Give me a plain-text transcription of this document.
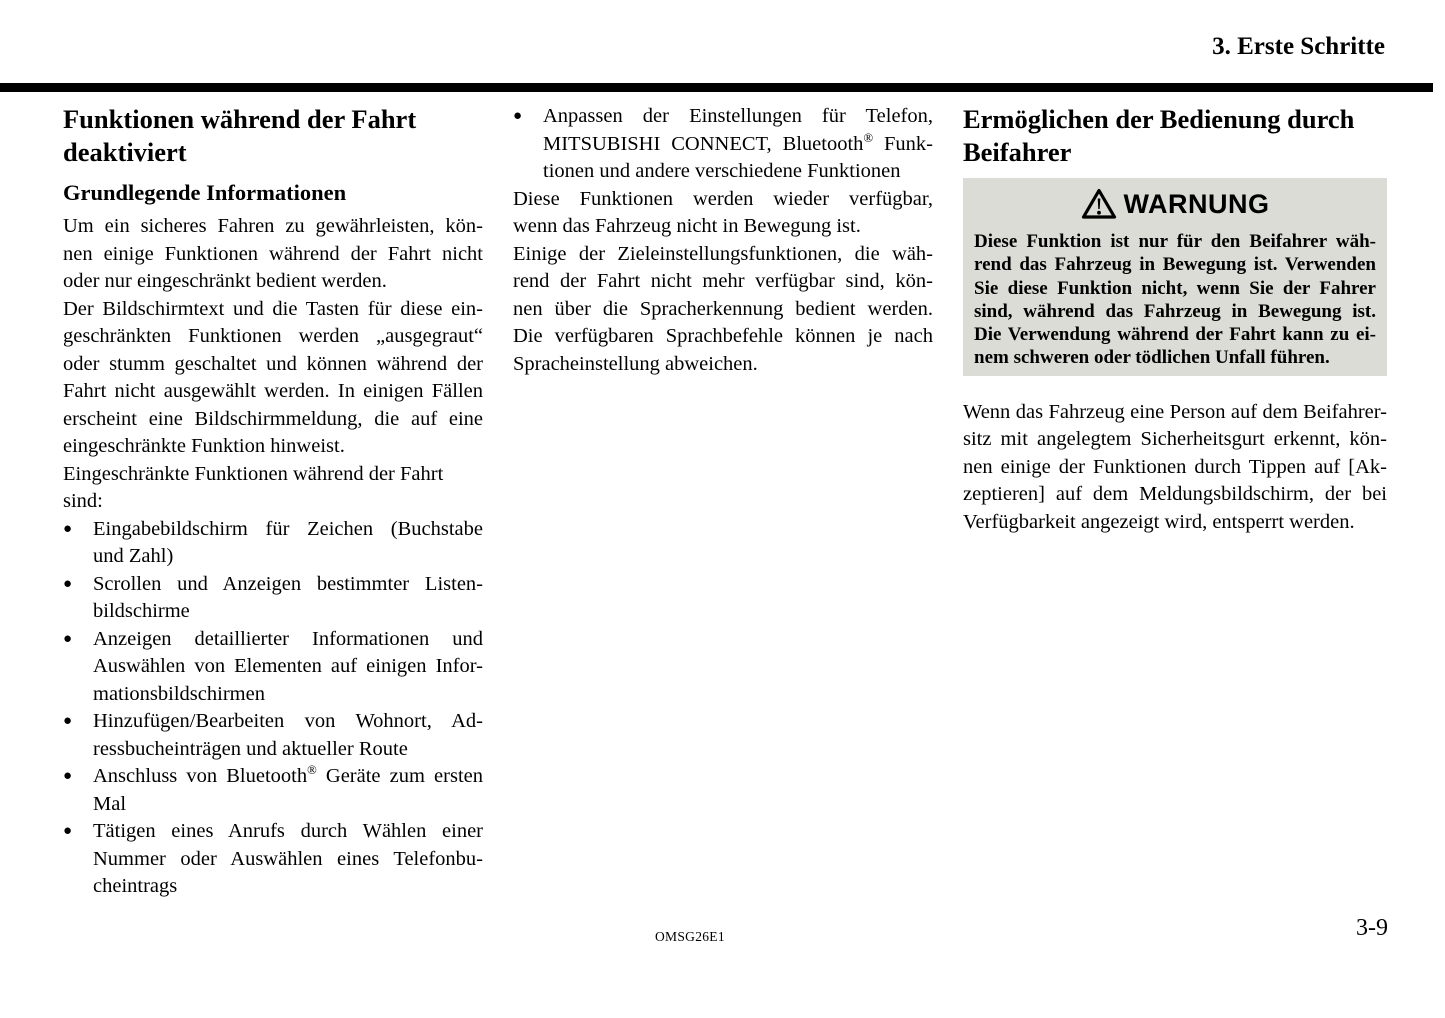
3. Erste Schritte
Funktionen während der Fahrt
deaktiviert
Grundlegende Informationen
Um ein sicheres Fahren zu gewährleisten, kön-
nen einige Funktionen während der Fahrt nicht
oder nur eingeschränkt bedient werden.
Der Bildschirmtext und die Tasten für diese ein-
geschränkten Funktionen werden „ausgegraut“
oder stumm geschaltet und können während der
Fahrt nicht ausgewählt werden. In einigen Fällen
erscheint eine Bildschirmmeldung, die auf eine
eingeschränkte Funktion hinweist.
Eingeschränkte Funktionen während der Fahrt sind:
●	Eingabebildschirm für Zeichen (Buchstabe
und Zahl)
●	Scrollen und Anzeigen bestimmter Listen-
bildschirme
●	Anzeigen detaillierter Informationen und
Auswählen von Elementen auf einigen Infor-
mationsbildschirmen
●	Hinzufügen/Bearbeiten von Wohnort, Ad-
ressbucheinträgen und aktueller Route
●	Anschluss von Bluetooth® Geräte zum ersten
Mal
●	Tätigen eines Anrufs durch Wählen einer
Nummer oder Auswählen eines Telefonbu-
cheintrags
●	Anpassen der Einstellungen für Telefon,
MITSUBISHI CONNECT, Bluetooth® Funk-
tionen und andere verschiedene Funktionen
Diese Funktionen werden wieder verfügbar,
wenn das Fahrzeug nicht in Bewegung ist.
Einige der Zieleinstellungsfunktionen, die wäh-
rend der Fahrt nicht mehr verfügbar sind, kön-
nen über die Spracherkennung bedient werden.
Die verfügbaren Sprachbefehle können je nach
Spracheinstellung abweichen.
Ermöglichen der Bedienung durch
Beifahrer
WARNUNG
Diese Funktion ist nur für den Beifahrer wäh-
rend das Fahrzeug in Bewegung ist. Verwenden
Sie diese Funktion nicht, wenn Sie der Fahrer
sind, während das Fahrzeug in Bewegung ist.
Die Verwendung während der Fahrt kann zu ei-
nem schweren oder tödlichen Unfall führen.
Wenn das Fahrzeug eine Person auf dem Beifahrer-
sitz mit angelegtem Sicherheitsgurt erkennt, kön-
nen einige der Funktionen durch Tippen auf [Ak-
zeptieren] auf dem Meldungsbildschirm, der bei
Verfügbarkeit angezeigt wird, entsperrt werden.
OMSG26E1	3-9
